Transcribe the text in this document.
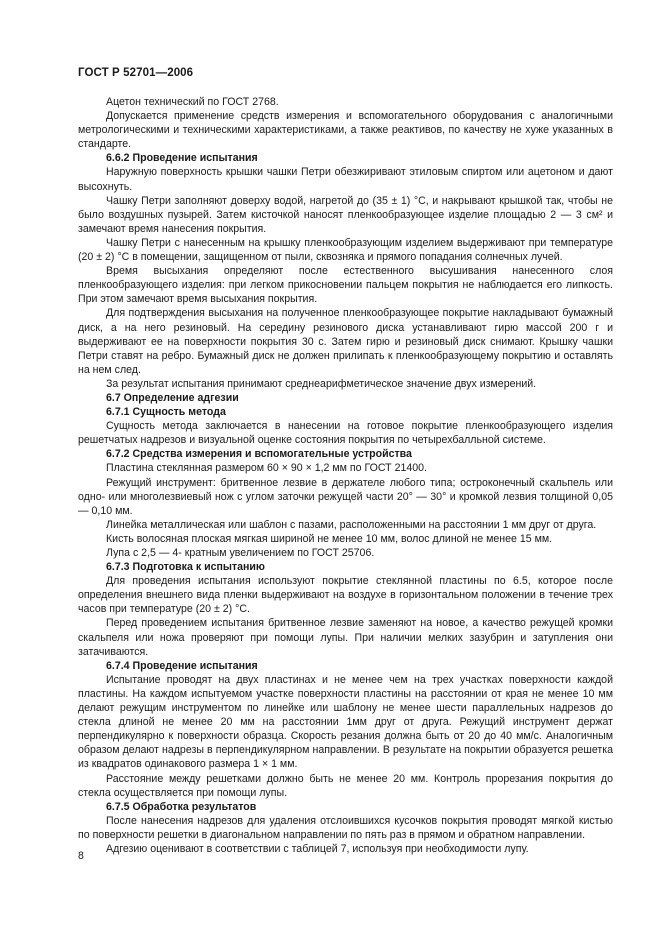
ГОСТ Р 52701—2006

Ацетон технический по ГОСТ 2768.

Допускается применение средств измерения и вспомогательного оборудования с аналогичными метрологическими и техническими характеристиками, а также реактивов, по качеству не хуже указанных в стандарте.

6.6.2 Проведение испытания

Наружную поверхность крышки чашки Петри обезжиривают этиловым спиртом или ацетоном и дают высохнуть.

Чашку Петри заполняют доверху водой, нагретой до (35 ± 1) °С, и накрывают крышкой так, чтобы не было воздушных пузырей. Затем кисточкой наносят пленкообразующее изделие площадью 2 — 3 см² и замечают время нанесения покрытия.

Чашку Петри с нанесенным на крышку пленкообразующим изделием выдерживают при температуре (20 ± 2) °С в помещении, защищенном от пыли, сквозняка и прямого попадания солнечных лучей.

Время высыхания определяют после естественного высушивания нанесенного слоя пленкообразующего изделия: при легком прикосновении пальцем покрытия не наблюдается его липкость. При этом замечают время высыхания покрытия.

Для подтверждения высыхания на полученное пленкообразующее покрытие накладывают бумажный диск, а на него резиновый. На середину резинового диска устанавливают гирю массой 200 г и выдерживают ее на поверхности покрытия 30 с. Затем гирю и резиновый диск снимают. Крышку чашки Петри ставят на ребро. Бумажный диск не должен прилипать к пленкообразующему покрытию и оставлять на нем след.

За результат испытания принимают среднеарифметическое значение двух измерений.

6.7 Определение адгезии

6.7.1 Сущность метода

Сущность метода заключается в нанесении на готовое покрытие пленкообразующего изделия решетчатых надрезов и визуальной оценке состояния покрытия по четырехбалльной системе.

6.7.2 Средства измерения и вспомогательные устройства

Пластина стеклянная размером 60 × 90 × 1,2 мм по ГОСТ 21400.

Режущий инструмент: бритвенное лезвие в держателе любого типа; остроконечный скальпель или одно- или многолезвиевый нож с углом заточки режущей части 20° — 30° и кромкой лезвия толщиной 0,05 — 0,10 мм.

Линейка металлическая или шаблон с пазами, расположенными на расстоянии 1 мм друг от друга.

Кисть волосяная плоская мягкая шириной не менее 10 мм, волос длиной не менее 15 мм.

Лупа с 2,5 — 4- кратным увеличением по ГОСТ 25706.

6.7.3 Подготовка к испытанию

Для проведения испытания используют покрытие стеклянной пластины по 6.5, которое после определения внешнего вида пленки выдерживают на воздухе в горизонтальном положении в течение трех часов при температуре (20 ± 2) °С.

Перед проведением испытания бритвенное лезвие заменяют на новое, а качество режущей кромки скальпеля или ножа проверяют при помощи лупы. При наличии мелких зазубрин и затупления они затачиваются.

6.7.4 Проведение испытания

Испытание проводят на двух пластинах и не менее чем на трех участках поверхности каждой пластины. На каждом испытуемом участке поверхности пластины на расстоянии от края не менее 10 мм делают режущим инструментом по линейке или шаблону не менее шести параллельных надрезов до стекла длиной не менее 20 мм на расстоянии 1мм друг от друга. Режущий инструмент держат перпендикулярно к поверхности образца. Скорость резания должна быть от 20 до 40 мм/с. Аналогичным образом делают надрезы в перпендикулярном направлении. В результате на покрытии образуется решетка из квадратов одинакового размера 1 × 1 мм.

Расстояние между решетками должно быть не менее 20 мм. Контроль прорезания покрытия до стекла осуществляется при помощи лупы.

6.7.5 Обработка результатов

После нанесения надрезов для удаления отслоившихся кусочков покрытия проводят мягкой кистью по поверхности решетки в диагональном направлении по пять раз в прямом и обратном направлении.

Адгезию оценивают в соответствии с таблицей 7, используя при необходимости лупу.

8
